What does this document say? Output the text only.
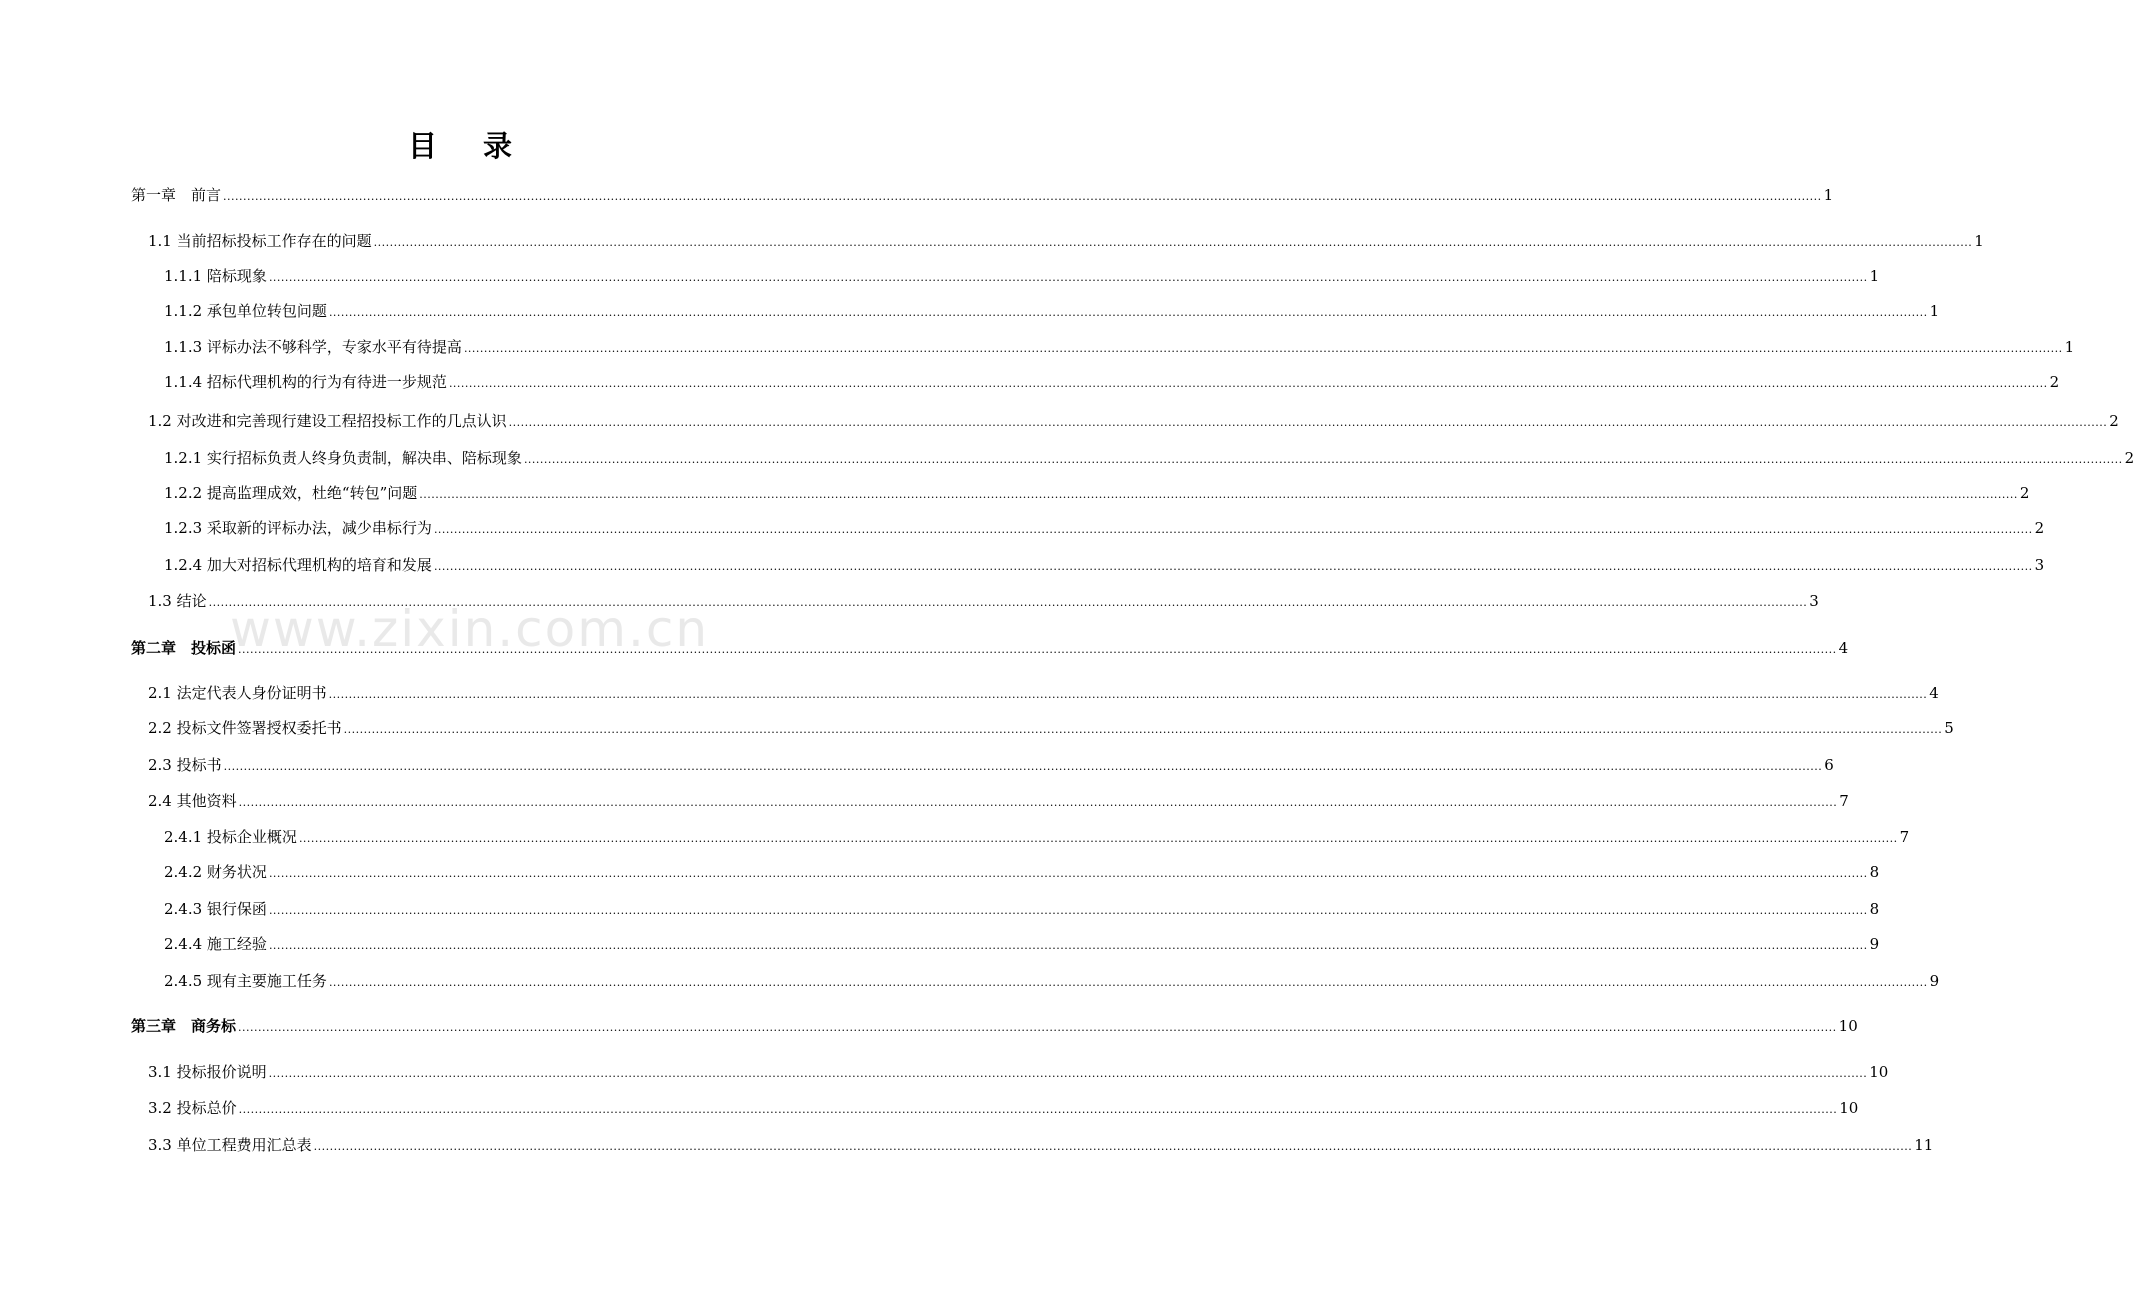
www.zixin.com.cn
目 录
第一章　前言 ................................................................................................................................................................................................................................................................................................................................................................................................................ 1
1.1 当前招标投标工作存在的问题 ................................................................................................................................................................................................................................................................................................................................................................................................................ 1
1.1.1 陪标现象 ................................................................................................................................................................................................................................................................................................................................................................................................................ 1
1.1.2 承包单位转包问题 ................................................................................................................................................................................................................................................................................................................................................................................................................ 1
1.1.3 评标办法不够科学，专家水平有待提高 ................................................................................................................................................................................................................................................................................................................................................................................................................ 1
1.1.4 招标代理机构的行为有待进一步规范 ................................................................................................................................................................................................................................................................................................................................................................................................................ 2
1.2 对改进和完善现行建设工程招投标工作的几点认识 ................................................................................................................................................................................................................................................................................................................................................................................................................ 2
1.2.1 实行招标负责人终身负责制，解决串、陪标现象 ................................................................................................................................................................................................................................................................................................................................................................................................................ 2
1.2.2 提高监理成效，杜绝“转包”问题 ................................................................................................................................................................................................................................................................................................................................................................................................................ 2
1.2.3 采取新的评标办法，减少串标行为 ................................................................................................................................................................................................................................................................................................................................................................................................................ 2
1.2.4 加大对招标代理机构的培育和发展 ................................................................................................................................................................................................................................................................................................................................................................................................................ 3
1.3 结论 ................................................................................................................................................................................................................................................................................................................................................................................................................ 3
第二章　投标函 ................................................................................................................................................................................................................................................................................................................................................................................................................ 4
2.1 法定代表人身份证明书 ................................................................................................................................................................................................................................................................................................................................................................................................................ 4
2.2 投标文件签署授权委托书 ................................................................................................................................................................................................................................................................................................................................................................................................................ 5
2.3 投标书 ................................................................................................................................................................................................................................................................................................................................................................................................................ 6
2.4 其他资料 ................................................................................................................................................................................................................................................................................................................................................................................................................ 7
2.4.1 投标企业概况 ................................................................................................................................................................................................................................................................................................................................................................................................................ 7
2.4.2 财务状况 ................................................................................................................................................................................................................................................................................................................................................................................................................ 8
2.4.3 银行保函 ................................................................................................................................................................................................................................................................................................................................................................................................................ 8
2.4.4 施工经验 ................................................................................................................................................................................................................................................................................................................................................................................................................ 9
2.4.5 现有主要施工任务 ................................................................................................................................................................................................................................................................................................................................................................................................................ 9
第三章　商务标 ................................................................................................................................................................................................................................................................................................................................................................................................................ 10
3.1 投标报价说明 ................................................................................................................................................................................................................................................................................................................................................................................................................ 10
3.2 投标总价 ................................................................................................................................................................................................................................................................................................................................................................................................................ 10
3.3 单位工程费用汇总表 ................................................................................................................................................................................................................................................................................................................................................................................................................ 11
